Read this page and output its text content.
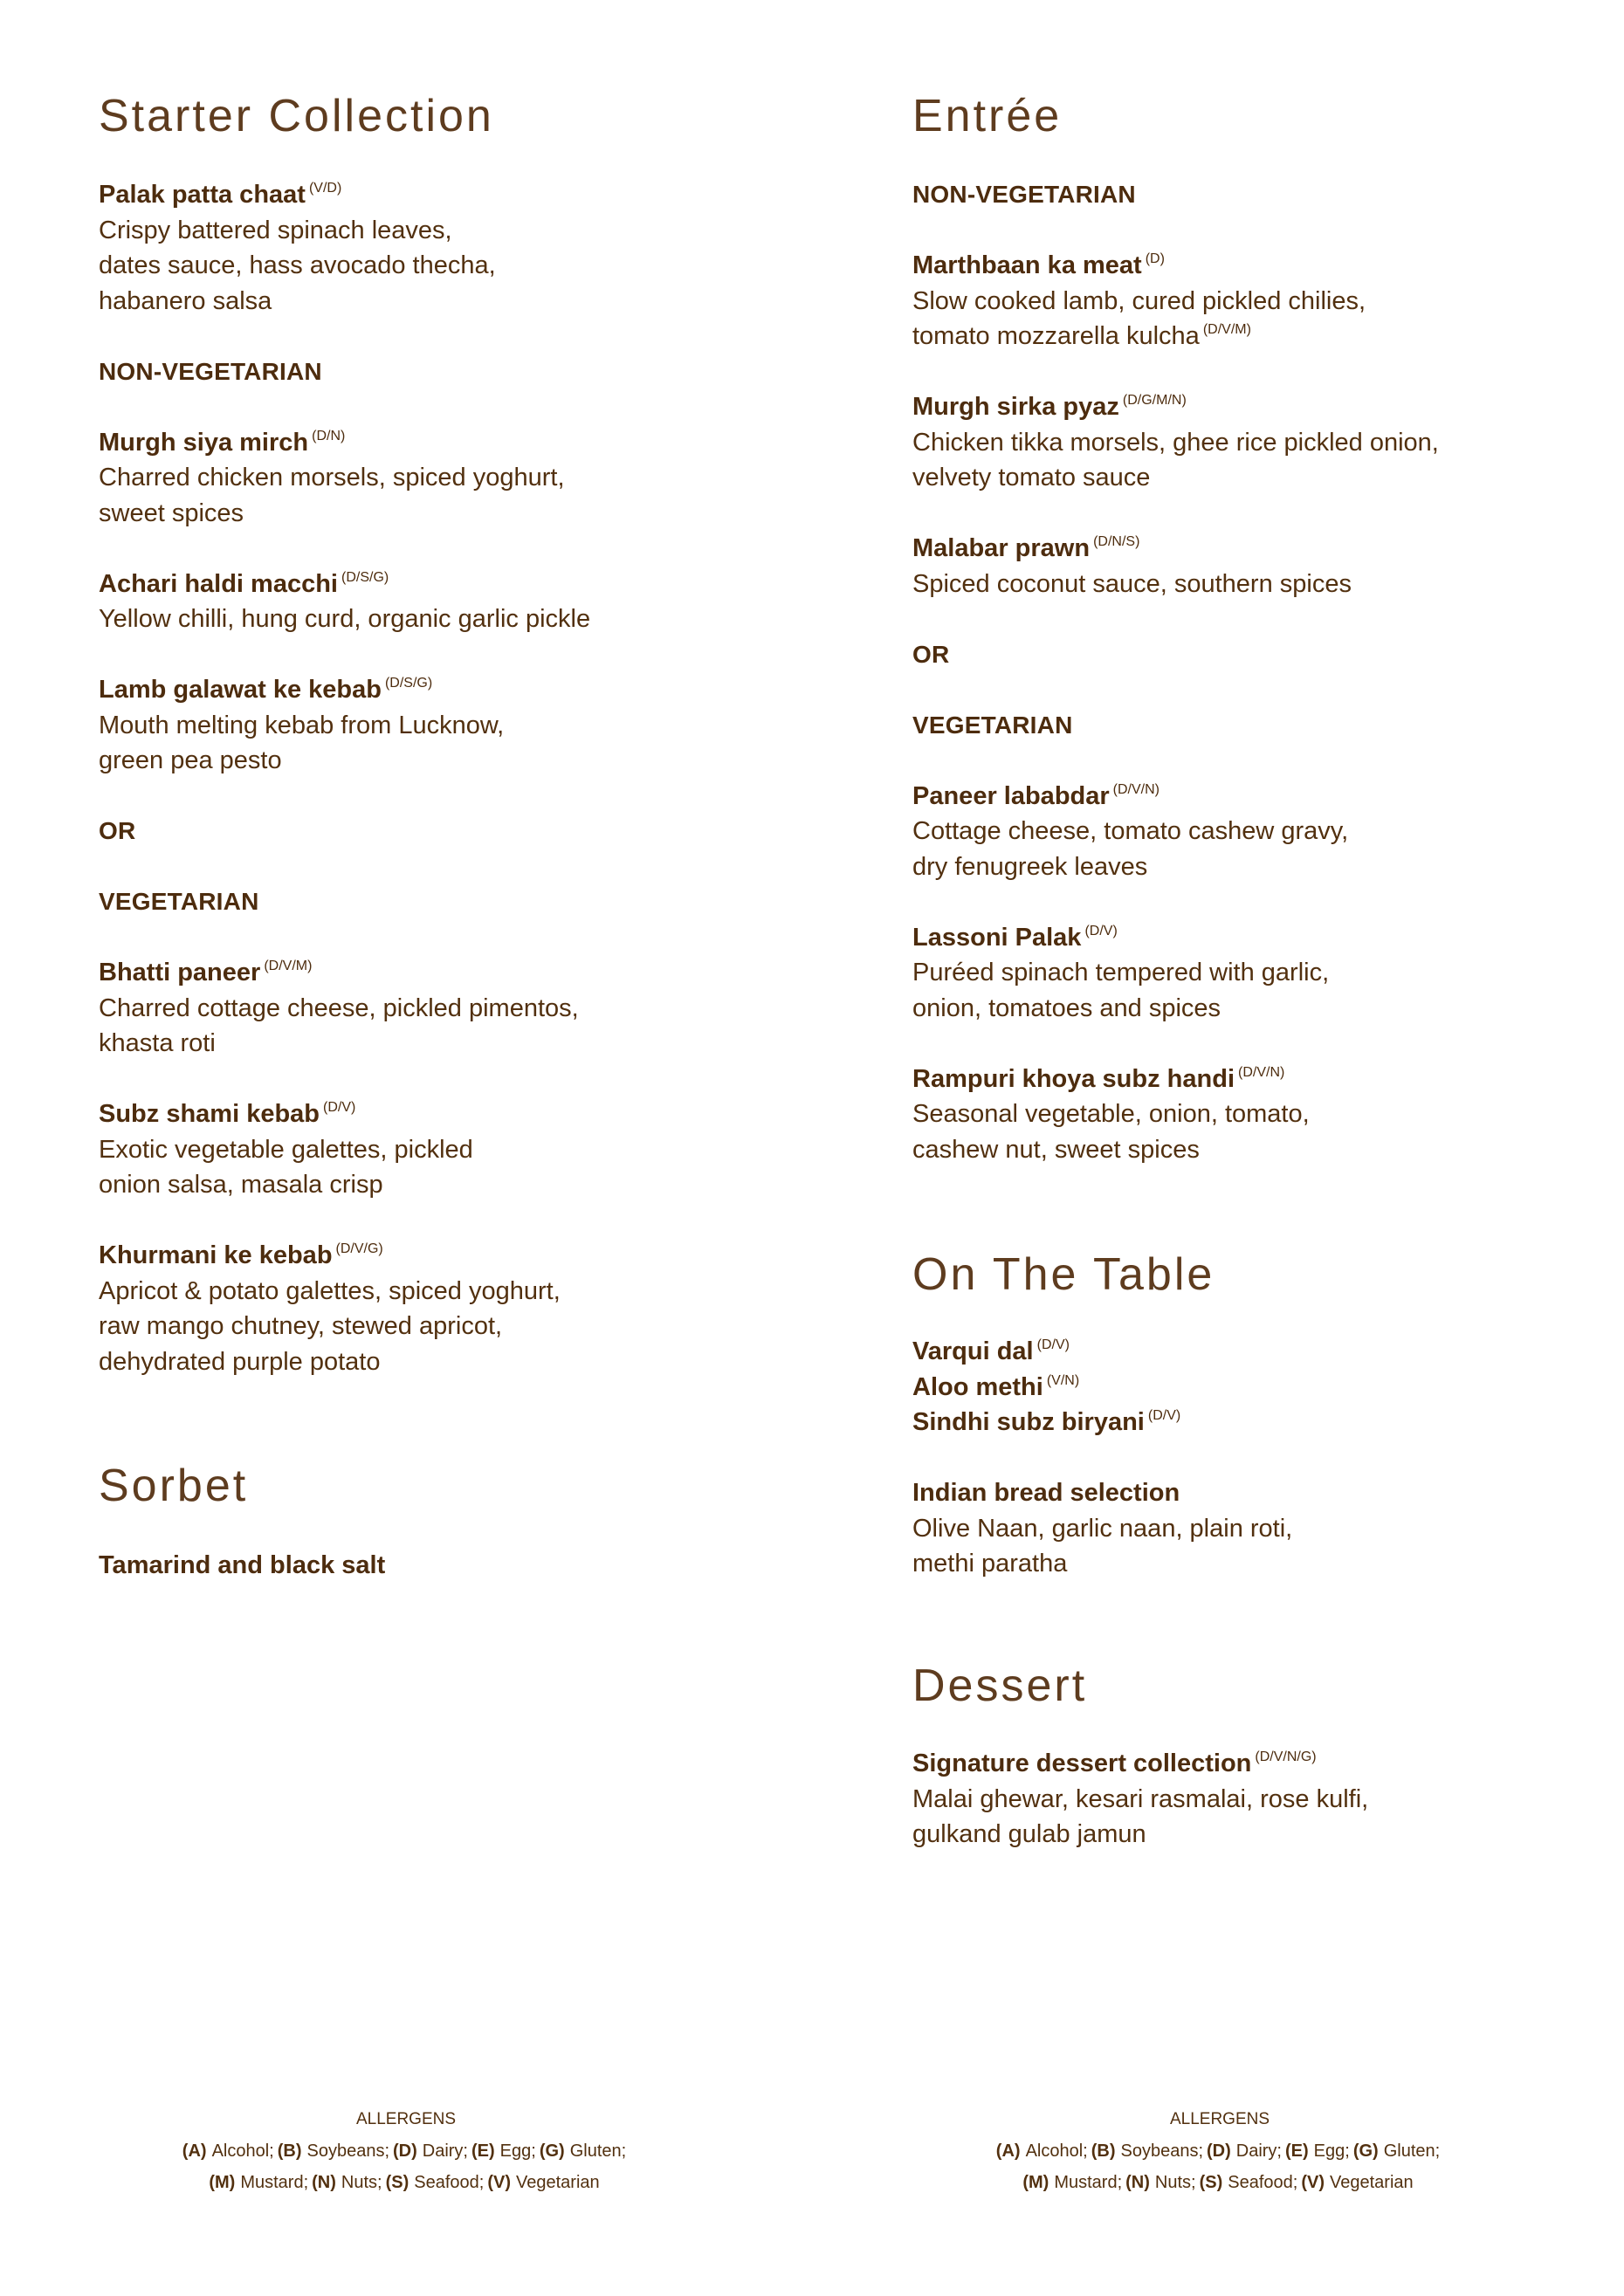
Starter Collection
Palak patta chaat $^{(V/D)}$
Crispy battered spinach leaves,
dates sauce, hass avocado thecha,
habanero salsa
NON-VEGETARIAN
Murgh siya mirch $^{(D/N)}$
Charred chicken morsels, spiced yoghurt,
sweet spices
Achari haldi macchi $^{(D/S/G)}$
Yellow chilli, hung curd, organic garlic pickle
Lamb galawat ke kebab $^{(D/S/G)}$
Mouth melting kebab from Lucknow,
green pea pesto
OR
VEGETARIAN
Bhatti paneer $^{(D/V/M)}$
Charred cottage cheese, pickled pimentos,
khasta roti
Subz shami kebab $^{(D/V)}$
Exotic vegetable galettes, pickled
onion salsa, masala crisp
Khurmani ke kebab $^{(D/V/G)}$
Apricot & potato galettes, spiced yoghurt,
raw mango chutney, stewed apricot,
dehydrated purple potato
Sorbet
Tamarind and black salt
Entrée
NON-VEGETARIAN
Marthbaan ka meat $^{(D)}$
Slow cooked lamb, cured pickled chilies,
tomato mozzarella kulcha $^{(D/V/M)}$
Murgh sirka pyaz $^{(D/G/M/N)}$
Chicken tikka morsels, ghee rice pickled onion,
velvety tomato sauce
Malabar prawn $^{(D/N/S)}$
Spiced coconut sauce, southern spices
OR
VEGETARIAN
Paneer lababdar $^{(D/V/N)}$
Cottage cheese, tomato cashew gravy,
dry fenugreek leaves
Lassoni Palak $^{(D/V)}$
Puréed spinach tempered with garlic,
onion, tomatoes and spices
Rampuri khoya subz handi $^{(D/V/N)}$
Seasonal vegetable, onion, tomato,
cashew nut, sweet spices
On The Table
Varqui dal $^{(D/V)}$
Aloo methi $^{(V/N)}$
Sindhi subz biryani $^{(D/V)}$
Indian bread selection
Olive Naan, garlic naan, plain roti,
methi paratha
Dessert
Signature dessert collection $^{(D/V/N/G)}$
Malai ghewar, kesari rasmalai, rose kulfi,
gulkand gulab jamun
ALLERGENS
(A) Alcohol; (B) Soybeans; (D) Dairy; (E) Egg; (G) Gluten;
(M) Mustard; (N) Nuts; (S) Seafood; (V) Vegetarian
ALLERGENS
(A) Alcohol; (B) Soybeans; (D) Dairy; (E) Egg; (G) Gluten;
(M) Mustard; (N) Nuts; (S) Seafood; (V) Vegetarian
